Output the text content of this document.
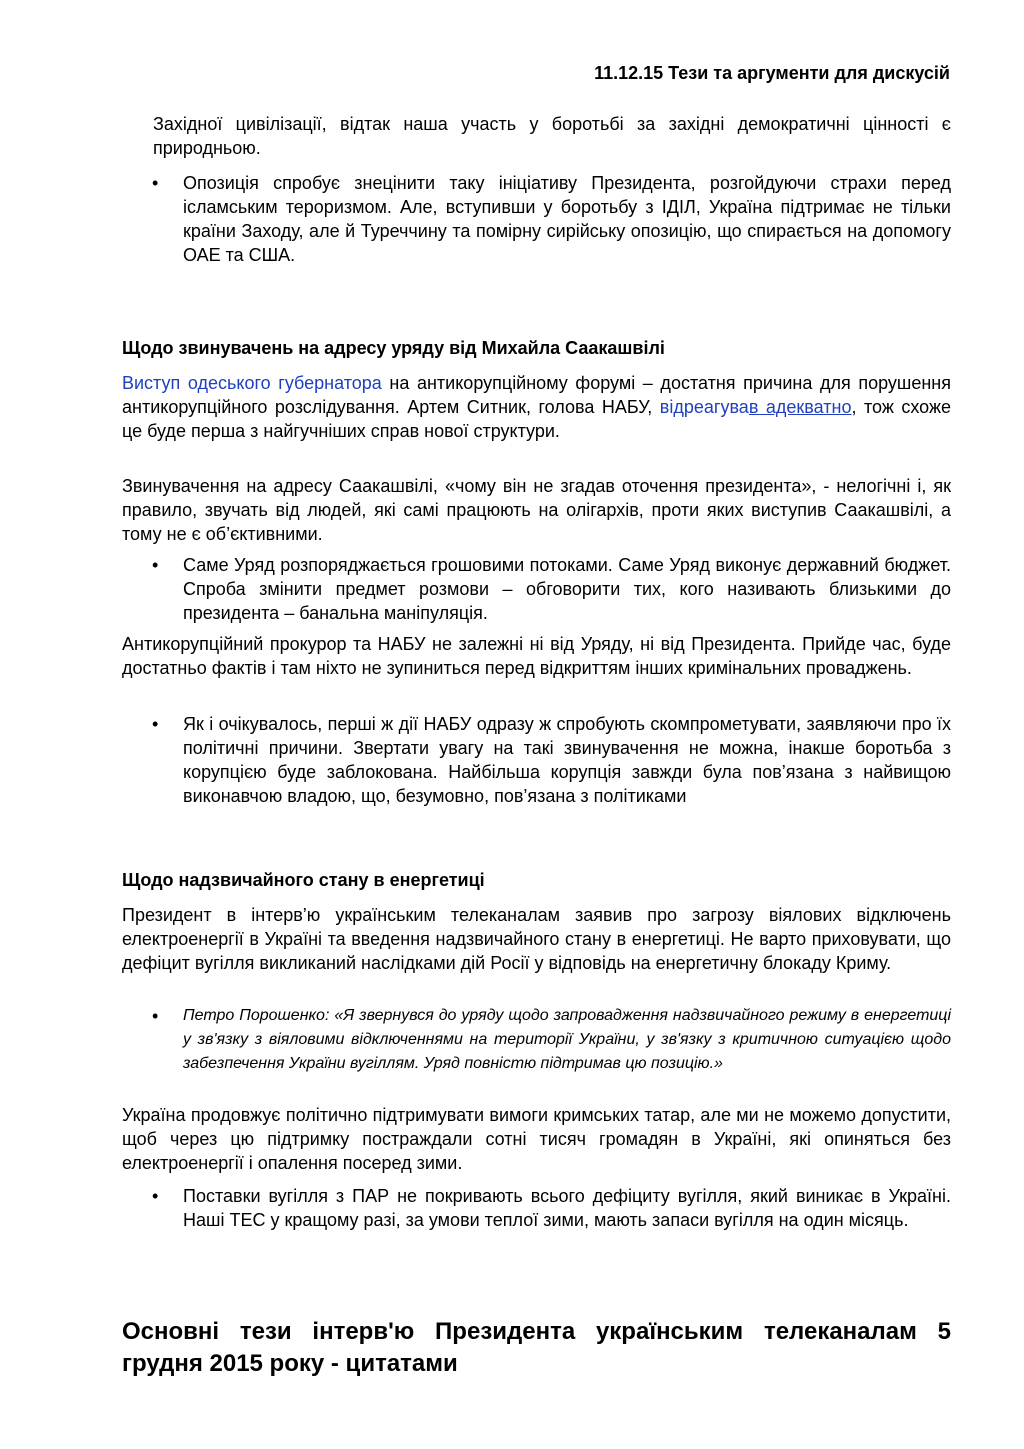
11.12.15 Тези та аргументи для дискусій
Західної цивілізації, відтак наша участь у боротьбі за західні демократичні цінності є природньою.
• Опозиція спробує знецінити таку ініціативу Президента, розгойдуючи страхи перед ісламським тероризмом. Але, вступивши у боротьбу з ІДІЛ, Україна підтримає не тільки країни Заходу, але й Туреччину та помірну сирійську опозицію, що спирається на допомогу ОАЕ та США.
Щодо звинувачень на адресу уряду від Михайла Саакашвілі
Виступ одеського губернатора на антикорупційному форумі – достатня причина для порушення антикорупційного розслідування. Артем Ситник, голова НАБУ, відреагував адекватно, тож схоже це буде перша з найгучніших справ нової структури.
Звинувачення на адресу Саакашвілі, «чому він не згадав оточення президента», - нелогічні і, як правило, звучать від людей, які самі працюють на олігархів, проти яких виступив Саакашвілі, а тому не є об’єктивними.
• Саме Уряд розпоряджається грошовими потоками. Саме Уряд виконує державний бюджет. Спроба змінити предмет розмови – обговорити тих, кого називають близькими до президента – банальна маніпуляція.
Антикорупційний прокурор та НАБУ не залежні ні від Уряду, ні від Президента. Прийде час, буде достатньо фактів і там ніхто не зупиниться перед відкриттям інших кримінальних проваджень.
• Як і очікувалось, перші ж дії НАБУ одразу ж спробують скомпрометувати, заявляючи про їх політичні причини. Звертати увагу на такі звинувачення не можна, інакше боротьба з корупцією буде заблокована. Найбільша корупція завжди була пов’язана з найвищою виконавчою владою, що, безумовно, пов’язана з політиками
Щодо надзвичайного стану в енергетиці
Президент в інтерв’ю українським телеканалам заявив про загрозу віялових відключень електроенергії в Україні та введення надзвичайного стану в енергетиці. Не варто приховувати, що дефіцит вугілля викликаний наслідками дій Росії у відповідь на енергетичну блокаду Криму.
• Петро Порошенко: «Я звернувся до уряду щодо запровадження надзвичайного режиму в енергетиці у зв'язку з віяловими відключеннями на території України, у зв'язку з критичною ситуацією щодо забезпечення України вугіллям. Уряд повністю підтримав цю позицію.»
Україна продовжує політично підтримувати вимоги кримських татар, але ми не можемо допустити, щоб через цю підтримку постраждали сотні тисяч громадян в Україні, які опиняться без електроенергії і опалення посеред зими.
• Поставки вугілля з ПАР не покривають всього дефіциту вугілля, який виникає в Україні. Наші ТЕС у кращому разі, за умови теплої зими, мають запаси вугілля на один місяць.
Основні тези інтерв'ю Президента українським телеканалам 5 грудня 2015 року - цитатами
